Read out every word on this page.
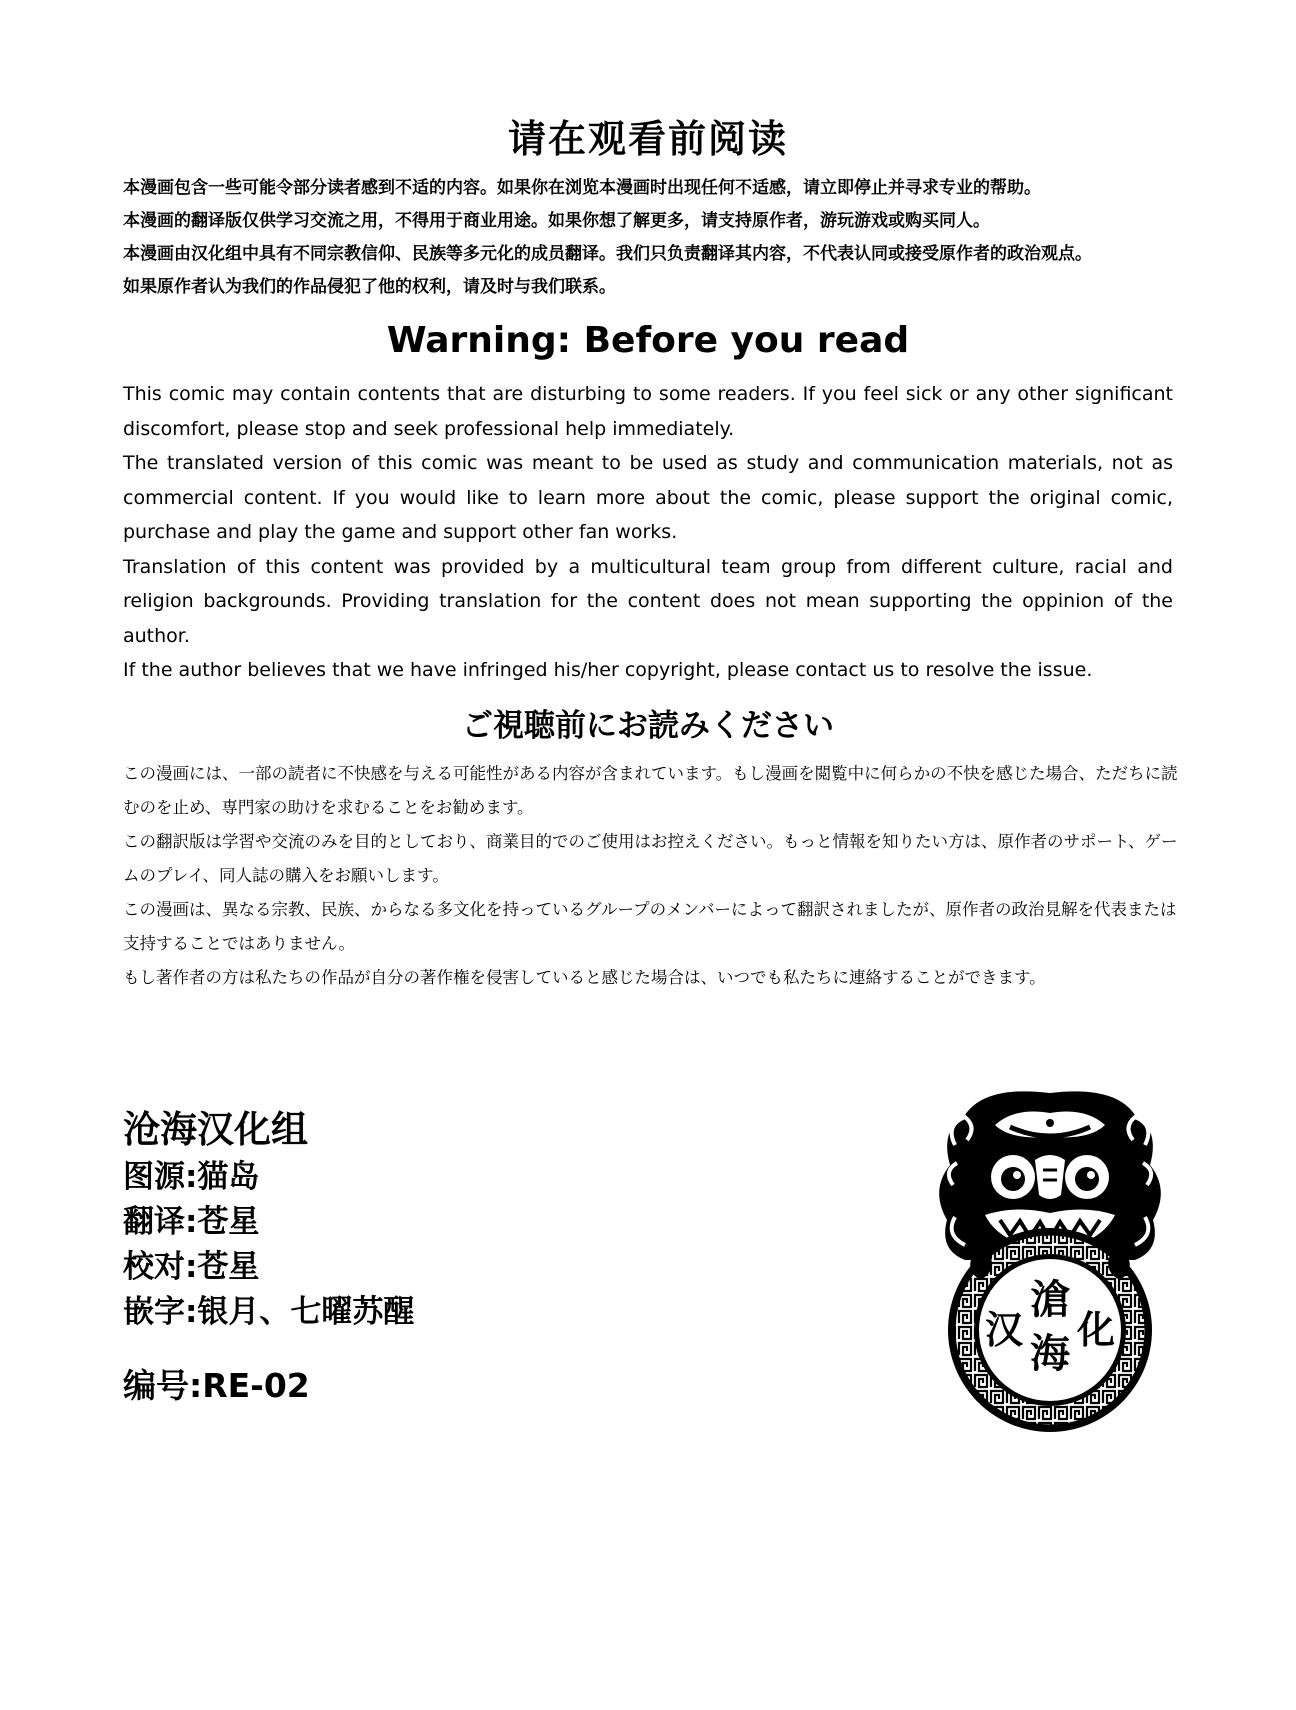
请在观看前阅读

本漫画包含一些可能令部分读者感到不适的内容。如果你在浏览本漫画时出现任何不适感，请立即停止并寻求专业的帮助。

本漫画的翻译版仅供学习交流之用，不得用于商业用途。如果你想了解更多，请支持原作者，游玩游戏或购买同人。

本漫画由汉化组中具有不同宗教信仰、民族等多元化的成员翻译。我们只负责翻译其内容，不代表认同或接受原作者的政治观点。

如果原作者认为我们的作品侵犯了他的权利，请及时与我们联系。

Warning: Before you read

This comic may contain contents that are disturbing to some readers. If you feel sick or any other significant discomfort, please stop and seek professional help immediately.

The translated version of this comic was meant to be used as study and communication materials, not as commercial content. If you would like to learn more about the comic, please support the original comic, purchase and play the game and support other fan works.

Translation of this content was provided by a multicultural team group from different culture, racial and religion backgrounds. Providing translation for the content does not mean supporting the oppinion of the author.

If the author believes that we have infringed his/her copyright, please contact us to resolve the issue.

ご視聴前にお読みください

この漫画には、一部の読者に不快感を与える可能性がある内容が含まれています。もし漫画を閲覧中に何らかの不快を感じた場合、ただちに読むのを止め、専門家の助けを求むることをお勧めます。

この翻訳版は学習や交流のみを目的としており、商業目的でのご使用はお控えください。もっと情報を知りたい方は、原作者のサポート、ゲームのプレイ、同人誌の購入をお願いします。

この漫画は、異なる宗教、民族、からなる多文化を持っているグループのメンバーによって翻訳されましたが、原作者の政治見解を代表または支持することではありません。

もし著作者の方は私たちの作品が自分の著作権を侵害していると感じた場合は、いつでも私たちに連絡することができます。

沧海汉化组

图源:猫岛

翻译:苍星

校对:苍星

嵌字:银月、七曜苏醒

编号:RE-02

滄
海
汉 化
